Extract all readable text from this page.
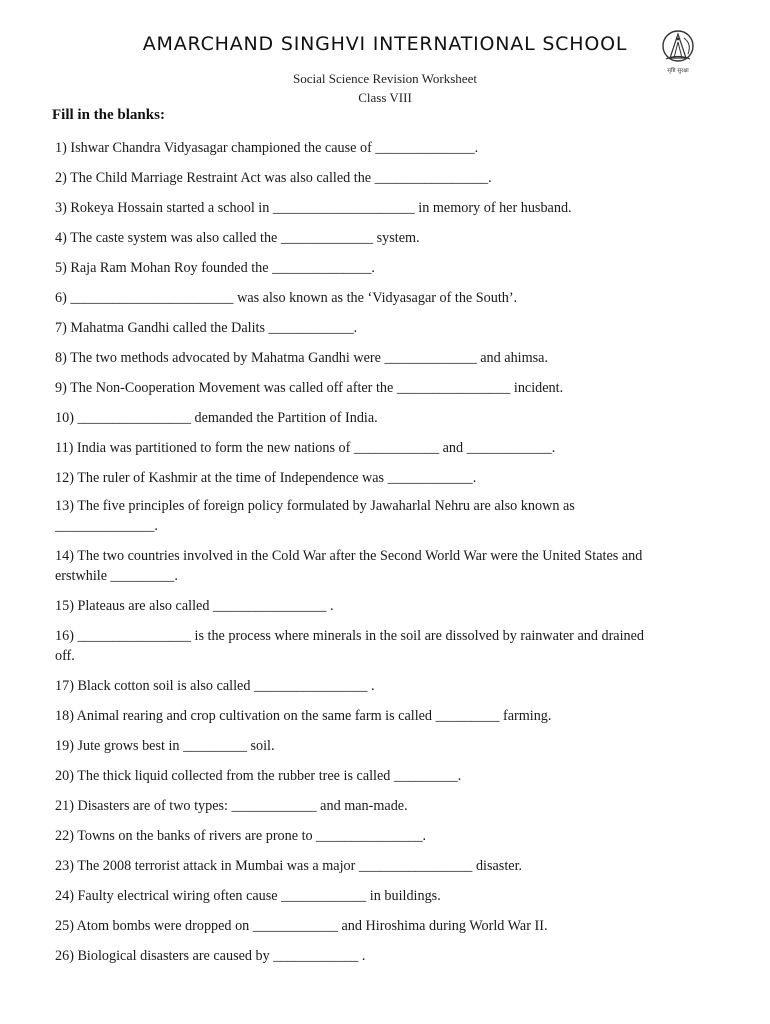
AMARCHAND SINGHVI INTERNATIONAL SCHOOL
सृष्टि सुरक्षा
Social Science Revision Worksheet
Class VIII
Fill in the blanks:
1) Ishwar Chandra Vidyasagar championed the cause of ______________.
2) The Child Marriage Restraint Act was also called the ________________.
3) Rokeya Hossain started a school in ____________________ in memory of her husband.
4) The caste system was also called the _____________ system.
5) Raja Ram Mohan Roy founded the ______________.
6) _______________________ was also known as the ‘Vidyasagar of the South’.
7) Mahatma Gandhi called the Dalits ____________.
8) The two methods advocated by Mahatma Gandhi were _____________ and ahimsa.
9) The Non-Cooperation Movement was called off after the ________________ incident.
10) ________________ demanded the Partition of India.
11) India was partitioned to form the new nations of ____________ and ____________.
12) The ruler of Kashmir at the time of Independence was ____________.
13) The five principles of foreign policy formulated by Jawaharlal Nehru are also known as
______________.
14) The two countries involved in the Cold War after the Second World War were the United States and
erstwhile _________.
15) Plateaus are also called ________________ .
16) ________________ is the process where minerals in the soil are dissolved by rainwater and drained
off.
17) Black cotton soil is also called ________________ .
18) Animal rearing and crop cultivation on the same farm is called _________ farming.
19) Jute grows best in _________ soil.
20) The thick liquid collected from the rubber tree is called _________.
21) Disasters are of two types: ____________ and man-made.
22) Towns on the banks of rivers are prone to _______________.
23) The 2008 terrorist attack in Mumbai was a major ________________ disaster.
24) Faulty electrical wiring often cause ____________ in buildings.
25) Atom bombs were dropped on ____________ and Hiroshima during World War II.
26) Biological disasters are caused by ____________ .
